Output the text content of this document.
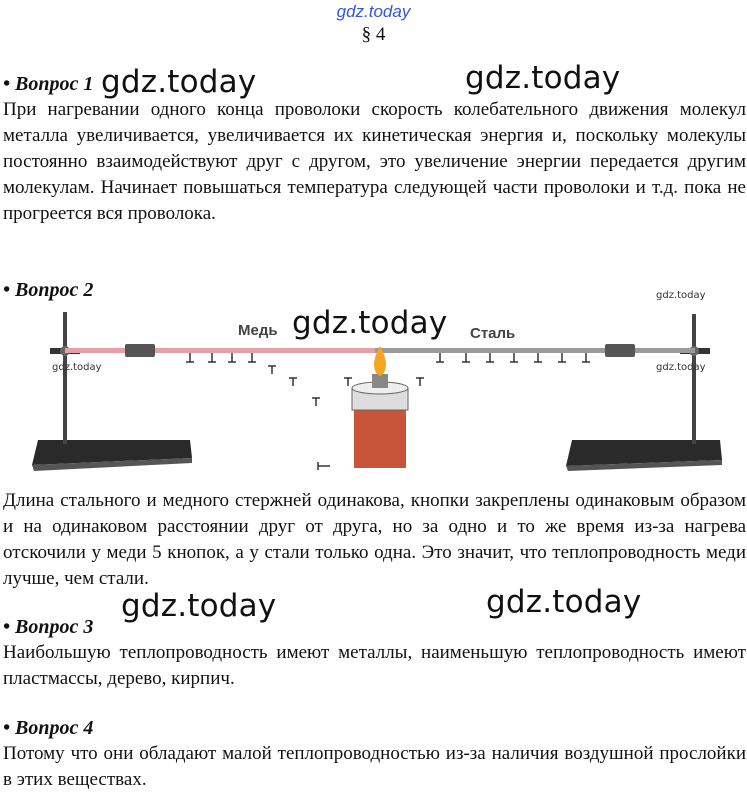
gdz.today
§ 4
• Вопрос 1 gdz.today	gdz.today
При нагревании одного конца проволоки скорость колебательного движения молекул металла увеличивается, увеличивается их кинетическая энергия и, поскольку молекулы постоянно взаимодействуют друг с другом, это увеличение энергии передается другим молекулам. Начинает повышаться температура следующей части проволоки и т.д. пока не прогреется вся проволока.
• Вопрос 2	gdz.today
Медь	Сталь
gdz.today
gdz.today	gdz.today
Длина стального и медного стержней одинакова, кнопки закреплены одинаковым образом и на одинаковом расстоянии друг от друга, но за одно и то же время из-за нагрева отскочили у меди 5 кнопок, а у стали только одна. Это значит, что теплопроводность меди лучше, чем стали.
gdz.today	gdz.today
• Вопрос 3
Наибольшую теплопроводность имеют металлы, наименьшую теплопроводность имеют пластмассы, дерево, кирпич.
• Вопрос 4
Потому что они обладают малой теплопроводностью из-за наличия воздушной прослойки в этих веществах.
